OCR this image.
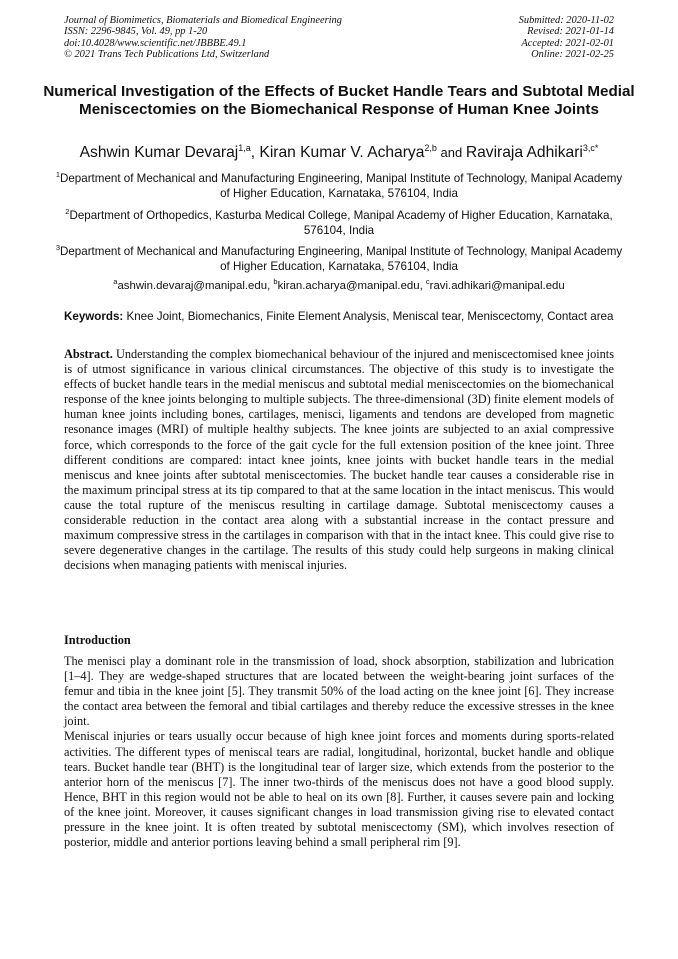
Journal of Biomimetics, Biomaterials and Biomedical Engineering
ISSN: 2296-9845, Vol. 49, pp 1-20
doi:10.4028/www.scientific.net/JBBBE.49.1
© 2021 Trans Tech Publications Ltd, Switzerland
Submitted: 2020-11-02
Revised: 2021-01-14
Accepted: 2021-02-01
Online: 2021-02-25
Numerical Investigation of the Effects of Bucket Handle Tears and Subtotal Medial Meniscectomies on the Biomechanical Response of Human Knee Joints
Ashwin Kumar Devaraj$^{1,a}$, Kiran Kumar V. Acharya$^{2,b}$ and Raviraja Adhikari$^{3,c*}$
$^1$Department of Mechanical and Manufacturing Engineering, Manipal Institute of Technology, Manipal Academy of Higher Education, Karnataka, 576104, India
$^2$Department of Orthopedics, Kasturba Medical College, Manipal Academy of Higher Education, Karnataka, 576104, India
$^3$Department of Mechanical and Manufacturing Engineering, Manipal Institute of Technology, Manipal Academy of Higher Education, Karnataka, 576104, India
$^a$ashwin.devaraj@manipal.edu, $^b$kiran.acharya@manipal.edu, $^c$ravi.adhikari@manipal.edu
Keywords: Knee Joint, Biomechanics, Finite Element Analysis, Meniscal tear, Meniscectomy, Contact area

Abstract. Understanding the complex biomechanical behaviour of the injured and meniscectomised knee joints is of utmost significance in various clinical circumstances. The objective of this study is to investigate the effects of bucket handle tears in the medial meniscus and subtotal medial meniscectomies on the biomechanical response of the knee joints belonging to multiple subjects. The three-dimensional (3D) finite element models of human knee joints including bones, cartilages, menisci, ligaments and tendons are developed from magnetic resonance images (MRI) of multiple healthy subjects. The knee joints are subjected to an axial compressive force, which corresponds to the force of the gait cycle for the full extension position of the knee joint. Three different conditions are compared: intact knee joints, knee joints with bucket handle tears in the medial meniscus and knee joints after subtotal meniscectomies. The bucket handle tear causes a considerable rise in the maximum principal stress at its tip compared to that at the same location in the intact meniscus. This would cause the total rupture of the meniscus resulting in cartilage damage. Subtotal meniscectomy causes a considerable reduction in the contact area along with a substantial increase in the contact pressure and maximum compressive stress in the cartilages in comparison with that in the intact knee. This could give rise to severe degenerative changes in the cartilage. The results of this study could help surgeons in making clinical decisions when managing patients with meniscal injuries.

Introduction

The menisci play a dominant role in the transmission of load, shock absorption, stabilization and lubrication [1–4]. They are wedge-shaped structures that are located between the weight-bearing joint surfaces of the femur and tibia in the knee joint [5]. They transmit 50% of the load acting on the knee joint [6]. They increase the contact area between the femoral and tibial cartilages and thereby reduce the excessive stresses in the knee joint.

Meniscal injuries or tears usually occur because of high knee joint forces and moments during sports-related activities. The different types of meniscal tears are radial, longitudinal, horizontal, bucket handle and oblique tears. Bucket handle tear (BHT) is the longitudinal tear of larger size, which extends from the posterior to the anterior horn of the meniscus [7]. The inner two-thirds of the meniscus does not have a good blood supply. Hence, BHT in this region would not be able to heal on its own [8]. Further, it causes severe pain and locking of the knee joint. Moreover, it causes significant changes in load transmission giving rise to elevated contact pressure in the knee joint. It is often treated by subtotal meniscectomy (SM), which involves resection of posterior, middle and anterior portions leaving behind a small peripheral rim [9].
